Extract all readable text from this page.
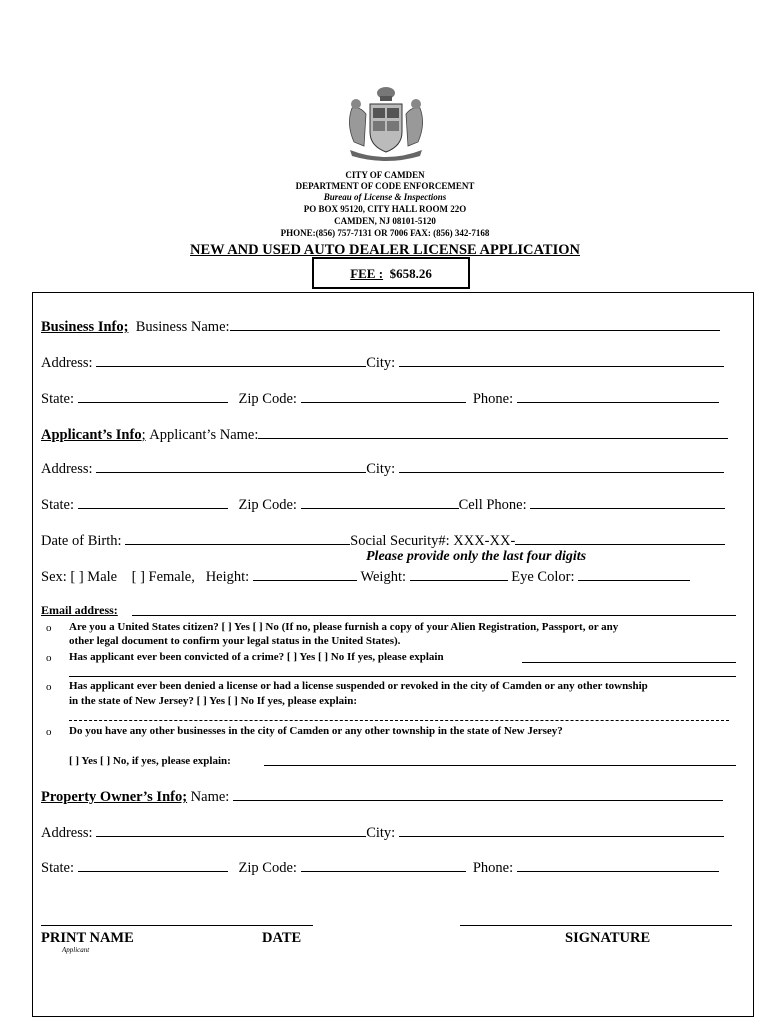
CITY OF CAMDEN
DEPARTMENT OF CODE ENFORCEMENT
Bureau of License & Inspections
PO BOX 95120, CITY HALL ROOM 22O
CAMDEN, NJ 08101-5120
PHONE:(856) 757-7131 OR 7006 FAX: (856) 342-7168
NEW AND USED AUTO DEALER LICENSE APPLICATION
FEE : $658.26
Business Info; Business Name:
Address:	City:
State:	Zip Code:	Phone:
Applicant’s Info; Applicant’s Name:
Address:	City:
State:	Zip Code:	Cell Phone:
Date of Birth:	Social Security#: XXX-XX-
Please provide only the last four digits
Sex: [ ] Male [ ] Female, Height:	Weight:	Eye Color:
Email address:
o Are you a United States citizen? [ ] Yes [ ] No (If no, please furnish a copy of your Alien Registration, Passport, or any
other legal document to confirm your legal status in the United States).
o Has applicant ever been convicted of a crime? [ ] Yes [ ] No If yes, please explain
o Has applicant ever been denied a license or had a license suspended or revoked in the city of Camden or any other township
in the state of New Jersey? [ ] Yes [ ] No If yes, please explain:
o Do you have any other businesses in the city of Camden or any other township in the state of New Jersey?
[ ] Yes [ ] No, if yes, please explain:
Property Owner’s Info; Name:
Address:	City:
State:	Zip Code:	Phone:
PRINT NAME
Applicant
DATE	SIGNATURE
